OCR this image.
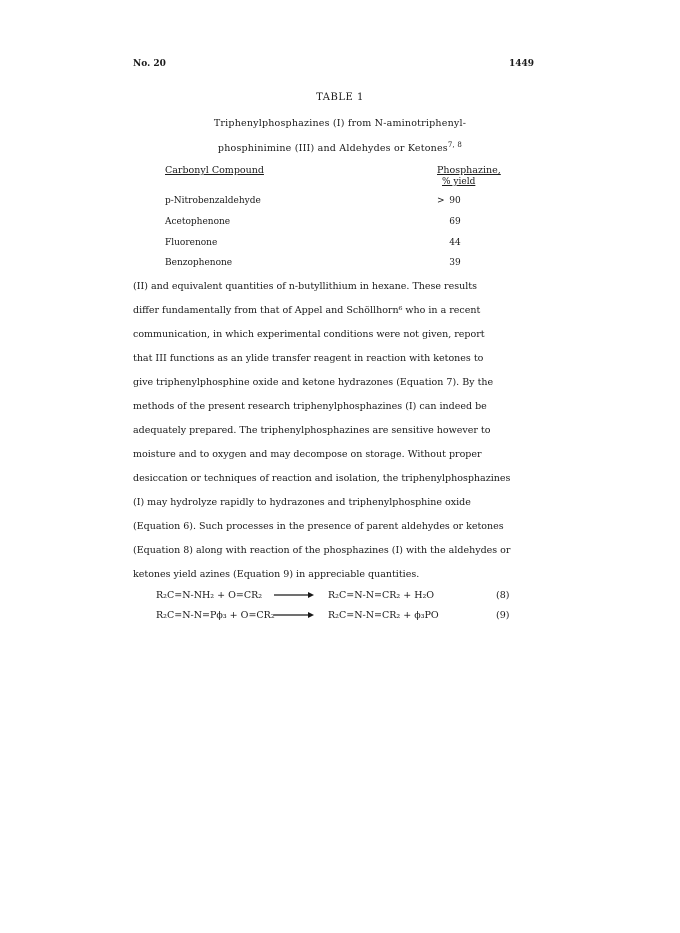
No. 20	1449
TABLE 1
Triphenylphosphazines (I) from N-aminotriphenyl-
phosphinimine (III) and Aldehydes or Ketones$^{7, 8}$
Carbonyl Compound	Phosphazine,
% yield
p-Nitrobenzaldehyde	> 90
Acetophenone	69
Fluorenone	44
Benzophenone	39
(II) and equivalent quantities of n-butyllithium in hexane. These results
differ fundamentally from that of Appel and Schöllhorn⁶ who in a recent
communication, in which experimental conditions were not given, report
that III functions as an ylide transfer reagent in reaction with ketones to
give triphenylphosphine oxide and ketone hydrazones (Equation 7). By the
methods of the present research triphenylphosphazines (I) can indeed be
adequately prepared. The triphenylphosphazines are sensitive however to
moisture and to oxygen and may decompose on storage. Without proper
desiccation or techniques of reaction and isolation, the triphenylphosphazines
(I) may hydrolyze rapidly to hydrazones and triphenylphosphine oxide
(Equation 6). Such processes in the presence of parent aldehydes or ketones
(Equation 8) along with reaction of the phosphazines (I) with the aldehydes or
ketones yield azines (Equation 9) in appreciable quantities.
R₂C=N-NH₂ + O=CR₂	R₂C=N-N=CR₂ + H₂O	(8)
R₂C=N-N=Pϕ₃ + O=CR₂	R₂C=N-N=CR₂ + ϕ₃PO	(9)
